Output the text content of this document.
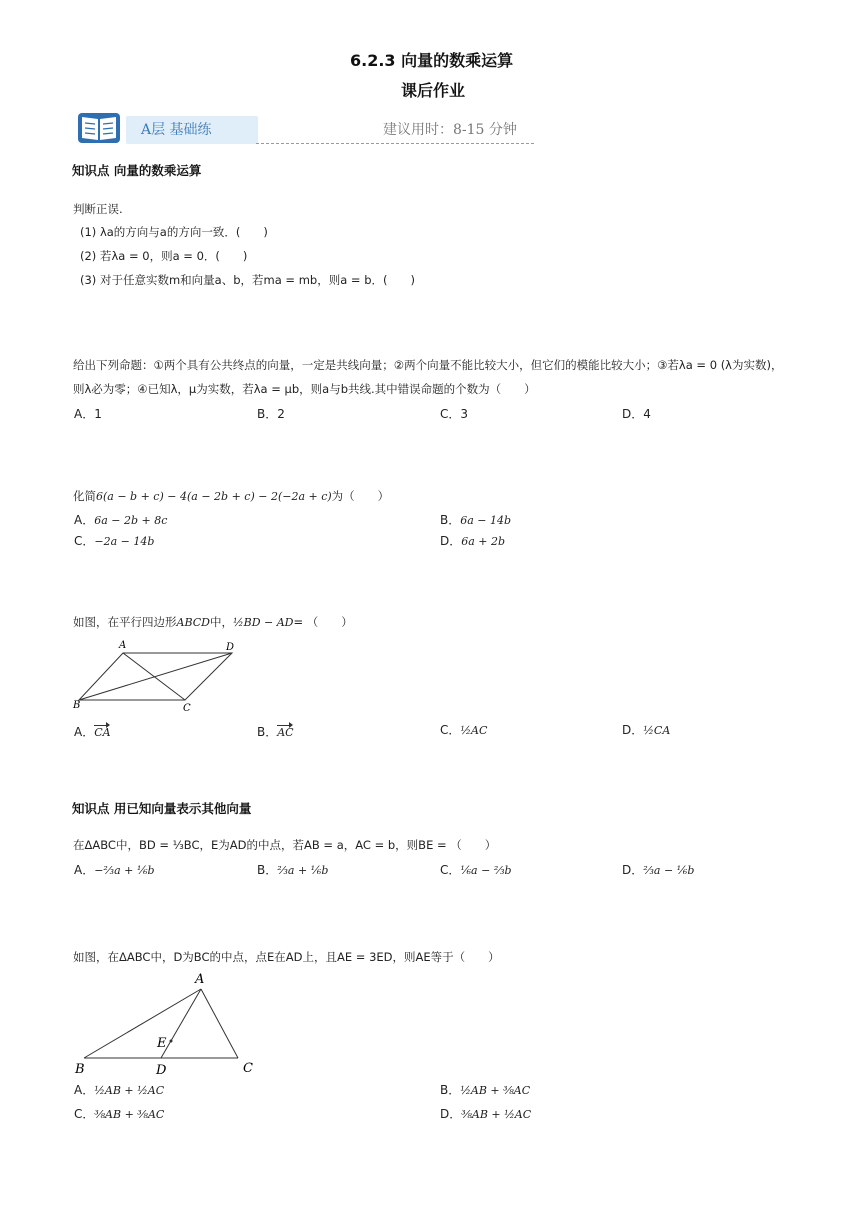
6.2.3 向量的数乘运算
课后作业
A层 基础练	建议用时：8-15 分钟
知识点 向量的数乘运算
判断正误.
(1) λa的方向与a的方向一致．(　　)
(2) 若λa = 0，则a = 0．(　　)
(3) 对于任意实数m和向量a、b，若ma = mb，则a = b．(　　)
给出下列命题：①两个具有公共终点的向量，一定是共线向量；②两个向量不能比较大小，但它们的模能比较大小；③若λa = 0 (λ为实数)，
则λ必为零；④已知λ，μ为实数，若λa = μb，则a与b共线.其中错误命题的个数为（　　）
A．1	B．2	C．3	D．4
化简6(a − b + c) − 4(a − 2b + c) − 2(−2a + c)为（　　）
A．6a − 2b + 8c	B．6a − 14b
C．−2a − 14b	D．6a + 2b
如图，在平行四边形ABCD中，½BD − AD= （　　）
A	D
B	C
A．CA	B．AC	C．½AC	D．½CA
知识点 用已知向量表示其他向量
在ΔABC中，BD = ⅓BC，E为AD的中点，若AB = a，AC = b，则BE = （　　）
A．−⅔a + ⅙b	B．⅔a + ⅙b	C．⅙a − ⅔b	D．⅔a − ⅙b
如图，在ΔABC中，D为BC的中点，点E在AD上，且AE = 3ED，则AE等于（　　）
A
E
B	D	C
A．½AB + ½AC	B．½AB + ⅜AC
C．⅜AB + ⅜AC	D．⅜AB + ½AC
